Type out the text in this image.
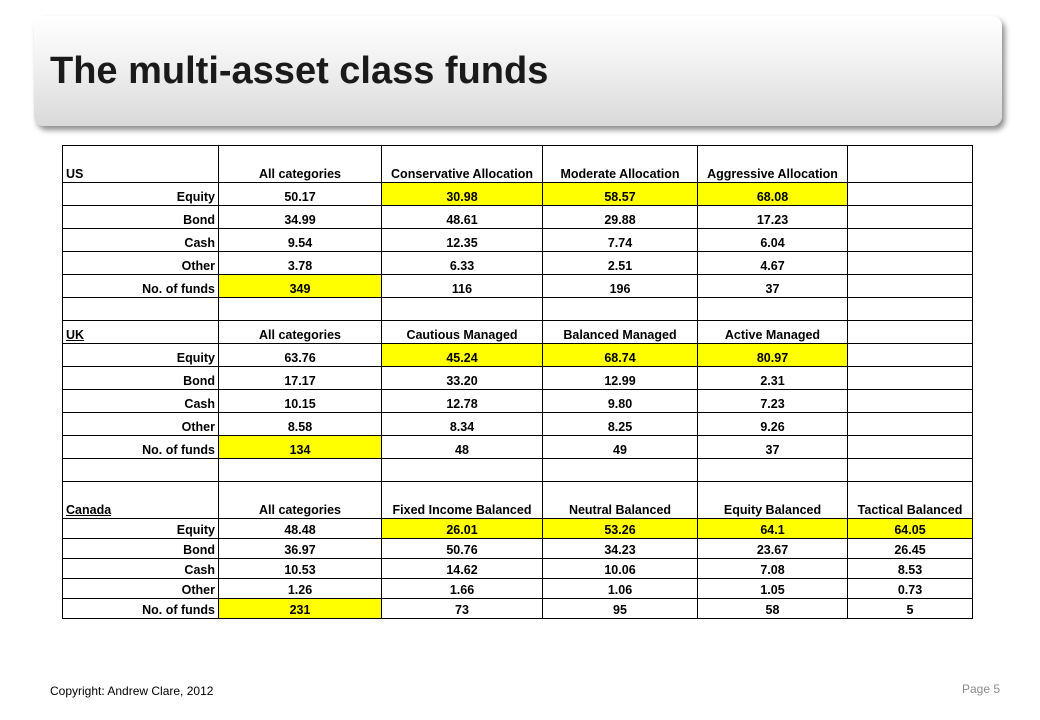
The multi-asset class funds
US	All categories	Conservative Allocation	Moderate Allocation	Aggressive Allocation	
Equity	50.17	30.98	58.57	68.08	
Bond	34.99	48.61	29.88	17.23	
Cash	9.54	12.35	7.74	6.04	
Other	3.78	6.33	2.51	4.67	
No. of funds	349	116	196	37	

UK	All categories	Cautious Managed	Balanced Managed	Active Managed	
Equity	63.76	45.24	68.74	80.97	
Bond	17.17	33.20	12.99	2.31	
Cash	10.15	12.78	9.80	7.23	
Other	8.58	8.34	8.25	9.26	
No. of funds	134	48	49	37	

Canada	All categories	Fixed Income Balanced	Neutral Balanced	Equity Balanced	Tactical Balanced
Equity	48.48	26.01	53.26	64.1	64.05
Bond	36.97	50.76	34.23	23.67	26.45
Cash	10.53	14.62	10.06	7.08	8.53
Other	1.26	1.66	1.06	1.05	0.73
No. of funds	231	73	95	58	5
Copyright: Andrew Clare, 2012	Page 5
